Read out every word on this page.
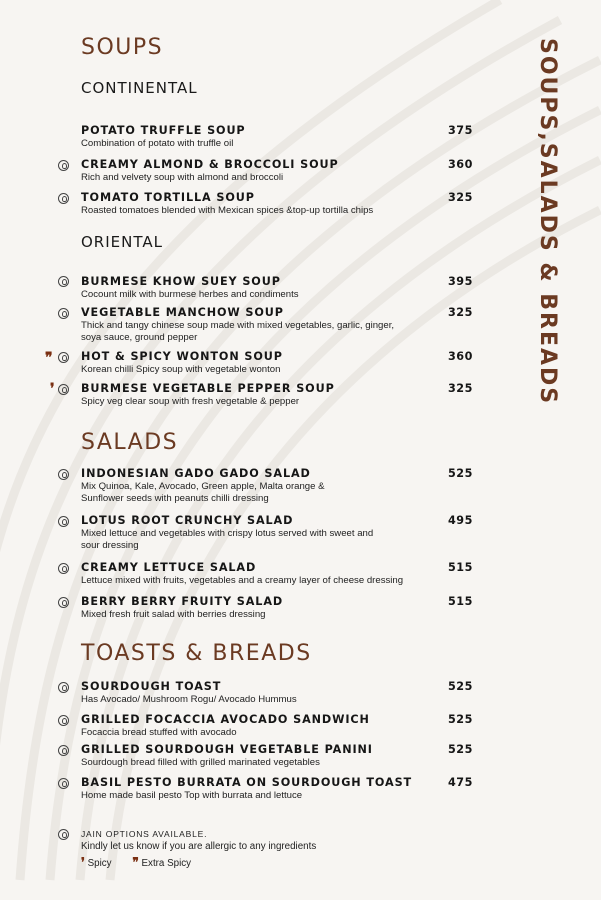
SOUPS,SALADS & BREADS
SOUPS
CONTINENTAL
POTATO TRUFFLE SOUP
Combination of potato with truffle oil
375
CREAMY ALMOND & BROCCOLI SOUP
Rich and velvety soup with almond and broccoli
360
TOMATO TORTILLA SOUP
Roasted tomatoes blended with Mexican spices &top-up tortilla chips
325
ORIENTAL
BURMESE KHOW SUEY SOUP
Cocount milk with burmese herbes and condiments
395
VEGETABLE MANCHOW SOUP
Thick and tangy chinese soup made with mixed vegetables, garlic, ginger, soya sauce, ground pepper
325
❞	HOT & SPICY WONTON SOUP
Korean chilli Spicy soup with vegetable wonton
360
❜ BURMESE VEGETABLE PEPPER SOUP
Spicy veg clear soup with fresh vegetable & pepper
325
SALADS
INDONESIAN GADO GADO SALAD
Mix Quinoa, Kale, Avocado, Green apple, Malta orange & Sunflower seeds with peanuts chilli dressing
525
LOTUS ROOT CRUNCHY SALAD
Mixed lettuce and vegetables with crispy lotus served with sweet and sour dressing
495
CREAMY LETTUCE SALAD
Lettuce mixed with fruits, vegetables and a creamy layer of cheese dressing
515
BERRY BERRY FRUITY SALAD
Mixed fresh fruit salad with berries dressing
515
TOASTS & BREADS
SOURDOUGH TOAST
Has Avocado/ Mushroom Rogu/ Avocado Hummus
525
GRILLED FOCACCIA AVOCADO SANDWICH
Focaccia bread stuffed with avocado
525
GRILLED SOURDOUGH VEGETABLE PANINI
Sourdough bread filled with grilled marinated vegetables
525
BASIL PESTO BURRATA ON SOURDOUGH TOAST
Home made basil pesto Top with burrata and lettuce
475
JAIN OPTIONS AVAILABLE.
Kindly let us know if you are allergic to any ingredients
❜ Spicy ❞ Extra Spicy
